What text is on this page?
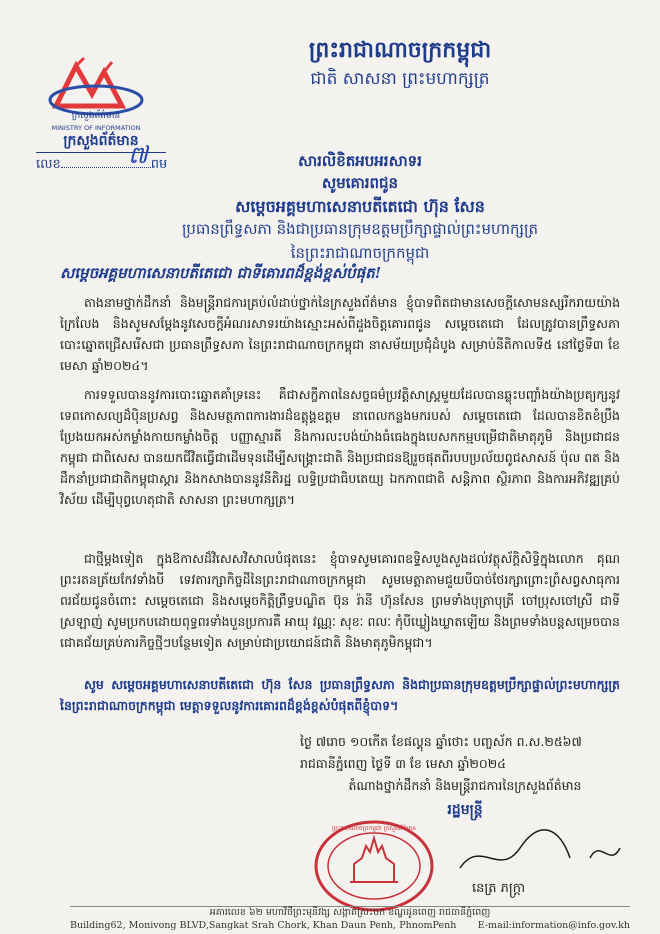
ព្រះរាជាណាចក្រកម្ពុជា
ជាតិ សាសនា ព្រះមហាក្សត្រ
ក្រសួងព័ត៌មាន
MINISTRY OF INFORMATION
ក្រសួងព័ត៌មាន
លេខ	ពម
៧	សារលិខិតអបអរសាទរ
សូមគោរពជូន
សម្តេចអគ្គមហាសេនាបតីតេជោ ហ៊ុន សែន
ប្រធានព្រឹទ្ធសភា និងជាប្រធានក្រុមឧត្តមប្រឹក្សាផ្ទាល់ព្រះមហាក្សត្រ
នៃព្រះរាជាណាចក្រកម្ពុជា
សម្តេចអគ្គមហាសេនាបតីតេជោ ជាទីគោរពដ៏ខ្ពង់ខ្ពស់បំផុត!
តាងនាមថ្នាក់ដឹកនាំ និងមន្ត្រីរាជការគ្រប់លំដាប់ថ្នាក់នៃក្រសួងព័ត៌មាន ខ្ញុំបាទពិតជាមានសេចក្តីសោមនស្សរីករាយយ៉ាងក្រៃលែង និងសូមសម្តែងនូវសេចក្តីអំណរសាទរយ៉ាងស្មោះអស់ពីដួងចិត្តគោរពជូន សម្តេចតេជោ ដែលត្រូវបានព្រឹទ្ធសភាបោះឆ្នោតជ្រើសរើសជា ប្រធានព្រឹទ្ធសភា នៃព្រះរាជាណាចក្រកម្ពុជា នាសម័យប្រជុំដំបូង សម្រាប់នីតិកាលទី៥ នៅថ្ងៃទី៣ ខែមេសា ឆ្នាំ២០២៤។
ការទទួលបាននូវការបោះឆ្នោតគាំទ្រនេះ គឺជាសក្ខីភាពនៃសច្ចធម៌ប្រវត្តិសាស្ត្រមួយដែលបានឆ្លុះបញ្ចាំងយ៉ាងប្រត្យក្សនូវទេពកោសល្យដ៏ប៉ិនប្រសព្វ និងសមត្ថភាពការងារដ៏ឧត្តុង្គឧត្តម នាពេលកន្លងមករបស់ សម្តេចតេជោ ដែលបានខិតខំប្រឹងប្រែងយកអស់កម្លាំងកាយកម្លាំងចិត្ត បញ្ញាស្មារតី និងការលះបង់យ៉ាងធំធេងក្នុងបេសកកម្មបម្រើជាតិមាតុភូមិ និងប្រជាជនកម្ពុជា ជាពិសេស បានយកជីវិតធ្វើជាដើមទុនដើម្បីសង្គ្រោះជាតិ និងប្រជាជនឱ្យរួចផុតពីរបបប្រល័យពូជសាសន៍ ប៉ុល ពត និងដឹកនាំប្រជាជាតិកម្ពុជាស្តារ និងកសាងបាននូវនីតិរដ្ឋ លទ្ធិប្រជាធិបតេយ្យ ឯកភាពជាតិ សន្តិភាព ស្ថិរភាព និងការអភិវឌ្ឍគ្រប់វិស័យ ដើម្បីបុព្វហេតុជាតិ សាសនា ព្រះមហាក្សត្រ។
ជាថ្មីម្តងទៀត ក្នុងឱកាសដ៏វិសេសវិសាលបំផុតនេះ ខ្ញុំបាទសូមគោរពឧទ្ទិសបួងសួងដល់វត្ថុស័ក្តិសិទ្ធិក្នុងលោក គុណព្រះរតនត្រ័យកែវទាំងបី ទេវតារក្សាកិច្ចដីនៃព្រះរាជាណាចក្រកម្ពុជា សូមមេត្តាតាមជួយបីបាច់ថែរក្សាព្រោះព្រំសព្វសាធុការពរជ័យជូនចំពោះ សម្តេចតេជោ និងសម្តេចកិត្តិព្រឹទ្ធបណ្ឌិត ប៊ុន រ៉ានី ហ៊ុនសែន ព្រមទាំងបុត្រាបុត្រី ចៅប្រុសចៅស្រី ជាទីស្រឡាញ់ សូមប្រកបដោយពុទ្ធពរទាំងបួនប្រការគឺ អាយុ វណ្ណៈ សុខៈ ពលៈ កុំបីឃ្លៀងឃ្លាតឡើយ និងព្រមទាំងបន្តសម្រេចបានជោគជ័យគ្រប់ភារកិច្ចថ្មីៗបន្ថែមទៀត សម្រាប់ជាប្រយោជន៍ជាតិ និងមាតុភូមិកម្ពុជា។
សូម សម្តេចអគ្គមហាសេនាបតីតេជោ ហ៊ុន សែន ប្រធានព្រឹទ្ធសភា និងជាប្រធានក្រុមឧត្តមប្រឹក្សាផ្ទាល់ព្រះមហាក្សត្រ នៃព្រះរាជាណាចក្រកម្ពុជា មេត្តាទទួលនូវការគោរពដ៏ខ្ពង់ខ្ពស់បំផុតពីខ្ញុំបាទ។
ថ្ងៃ ៧រោច ១០កើត ខែផល្គុន ឆ្នាំថោះ បញ្ចស័ក ព.ស.២៥៦៧
រាជធានីភ្នំពេញ ថ្ងៃទី ៣ ខែ មេសា ឆ្នាំ២០២៤
តំណាងថ្នាក់ដឹកនាំ និងមន្ត្រីរាជការនៃក្រសួងព័ត៌មាន
រដ្ឋមន្ត្រី
ព្រះរាជាណាចក្រកម្ពុជា ក្រសួងព័ត៌មាន
នេត្រ ភក្ត្រា
អគារលេខ ៦២ មហាវិថីព្រះមុនីវង្ស សង្កាត់ស្រះចក ខណ្ឌដូនពេញ រាជធានីភ្នំពេញ
Building62, Monivong BLVD,Sangkat Srah Chork, Khan Daun Penh, PhnomPenh E-mail:information@info.gov.kh
